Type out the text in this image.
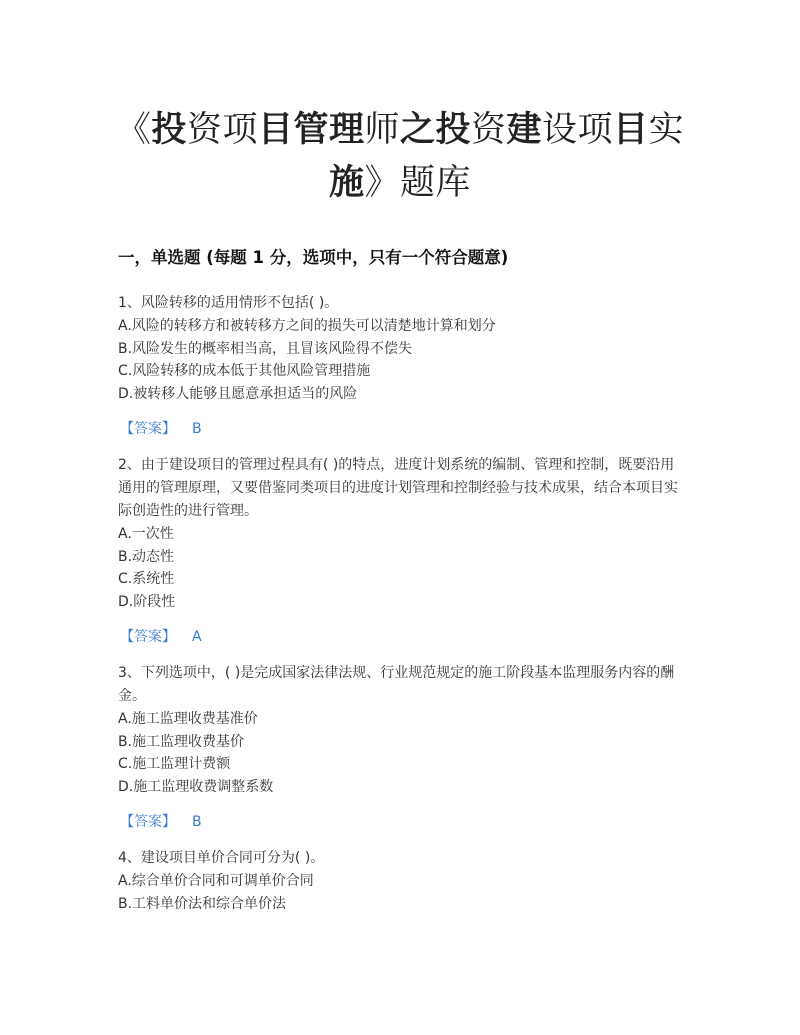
《投资项目管理师之投资建设项目实施》题库
一，单选题 (每题 1 分，选项中，只有一个符合题意)

1、风险转移的适用情形不包括( )。

A.风险的转移方和被转移方之间的损失可以清楚地计算和划分

B.风险发生的概率相当高，且冒该风险得不偿失

C.风险转移的成本低于其他风险管理措施

D.被转移人能够且愿意承担适当的风险

【答案】 B

2、由于建设项目的管理过程具有( )的特点，进度计划系统的编制、管理和控制，既要沿用通用的管理原理，又要借鉴同类项目的进度计划管理和控制经验与技术成果，结合本项目实际创造性的进行管理。

A.一次性

B.动态性

C.系统性

D.阶段性

【答案】 A

3、下列选项中，( )是完成国家法律法规、行业规范规定的施工阶段基本监理服务内容的酬金。

A.施工监理收费基准价

B.施工监理收费基价

C.施工监理计费额

D.施工监理收费调整系数

【答案】 B

4、建设项目单价合同可分为( )。

A.综合单价合同和可调单价合同

B.工料单价法和综合单价法
